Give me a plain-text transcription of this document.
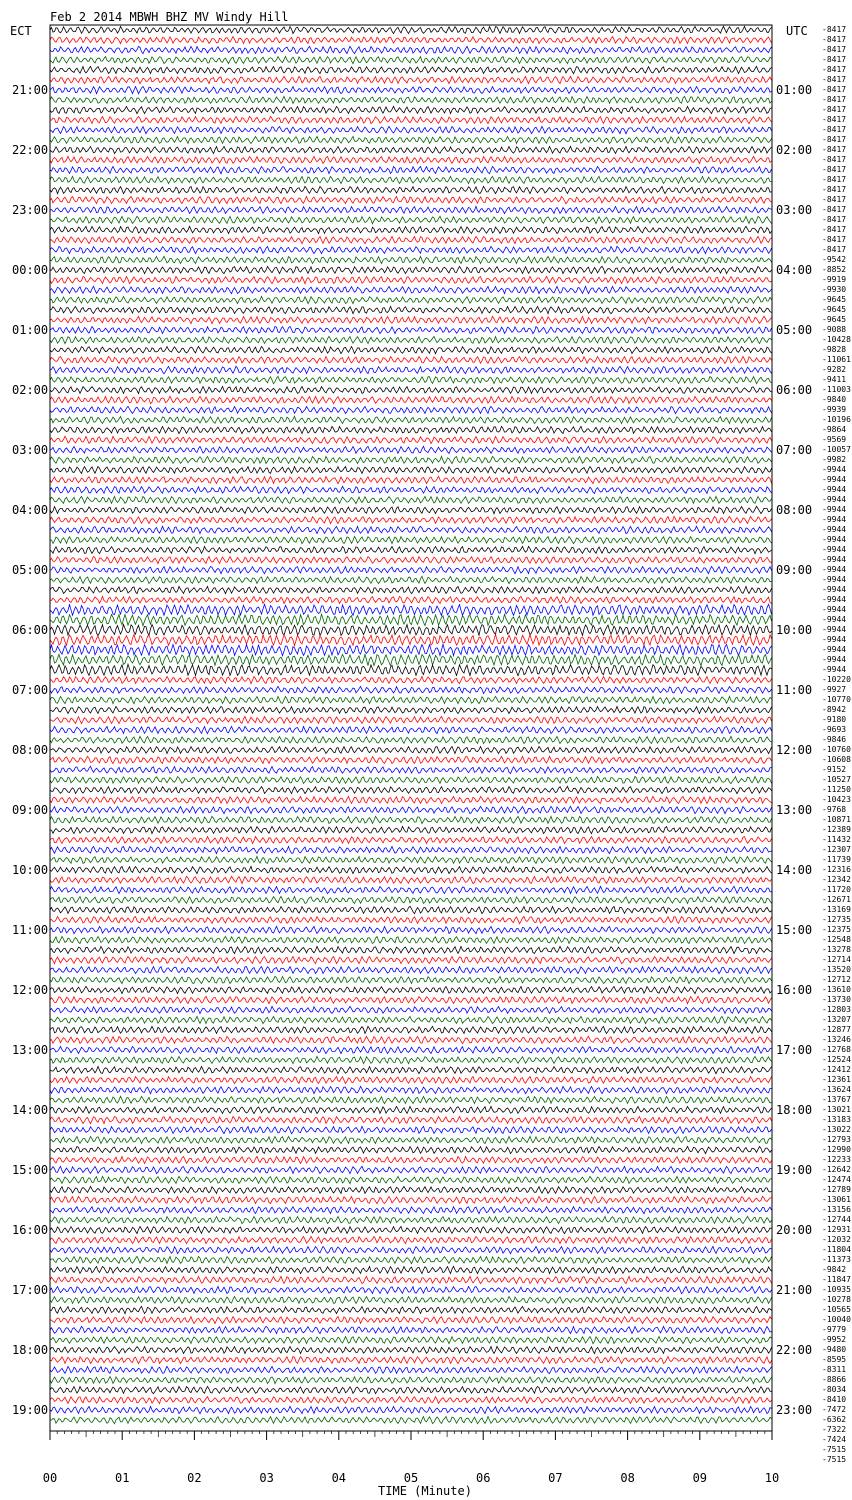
Feb 2 2014 MBWH BHZ MV Windy Hill
ECT	UTC
21:00
22:00
23:00
00:00
01:00
02:00
03:00
04:00
05:00
06:00
07:00
08:00
09:00
10:00
11:00
12:00
13:00
14:00
15:00
16:00
17:00
18:00
19:00
01:00
02:00
03:00
04:00
05:00
06:00
07:00
08:00
09:00
10:00
11:00
12:00
13:00
14:00
15:00
16:00
17:00
18:00
19:00
20:00
21:00
22:00
23:00
-8417
-8417
-8417
-8417
-8417
-8417
-8417
-8417
-8417
-8417
-8417
-8417
-8417
-8417
-8417
-8417
-8417
-8417
-8417
-8417
-8417
-8417
-8417
-9542
-8852
-9919
-9930
-9645
-9645
-9645
-9088
-10428
-9828
-11061
-9282
-9411
-11003
-9840
-9939
-10196
-9864
-9569
-10057
-9982
-9944
-9944
-9944
-9944
-9944
-9944
-9944
-9944
-9944
-9944
-9944
-9944
-9944
-9944
-9944
-9944
-9944
-9944
-9944
-9944
-9944
-10220
-9927
-10770
-8942
-9180
-9693
-9846
-10760
-10608
-9152
-10527
-11250
-10423
-9768
-10871
-12389
-11432
-12307
-11739
-12316
-12342
-11720
-12671
-13169
-12735
-12375
-12548
-13278
-12714
-13520
-12712
-13610
-13730
-12803
-13207
-12877
-13246
-12768
-12524
-12412
-12361
-13624
-13767
-13021
-13183
-13022
-12793
-12990
-12233
-12642
-12474
-12789
-13061
-13156
-12744
-12931
-12032
-11804
-11373
-9842
-11847
-10935
-10278
-10565
-10040
-9779
-9952
-9480
-8595
-8311
-8866
-8034
-8410
-7472
-6362
-7322
-7424
-7515
-7515
00	01	02	03	04	05	06	07	08	09	10
TIME (Minute)
